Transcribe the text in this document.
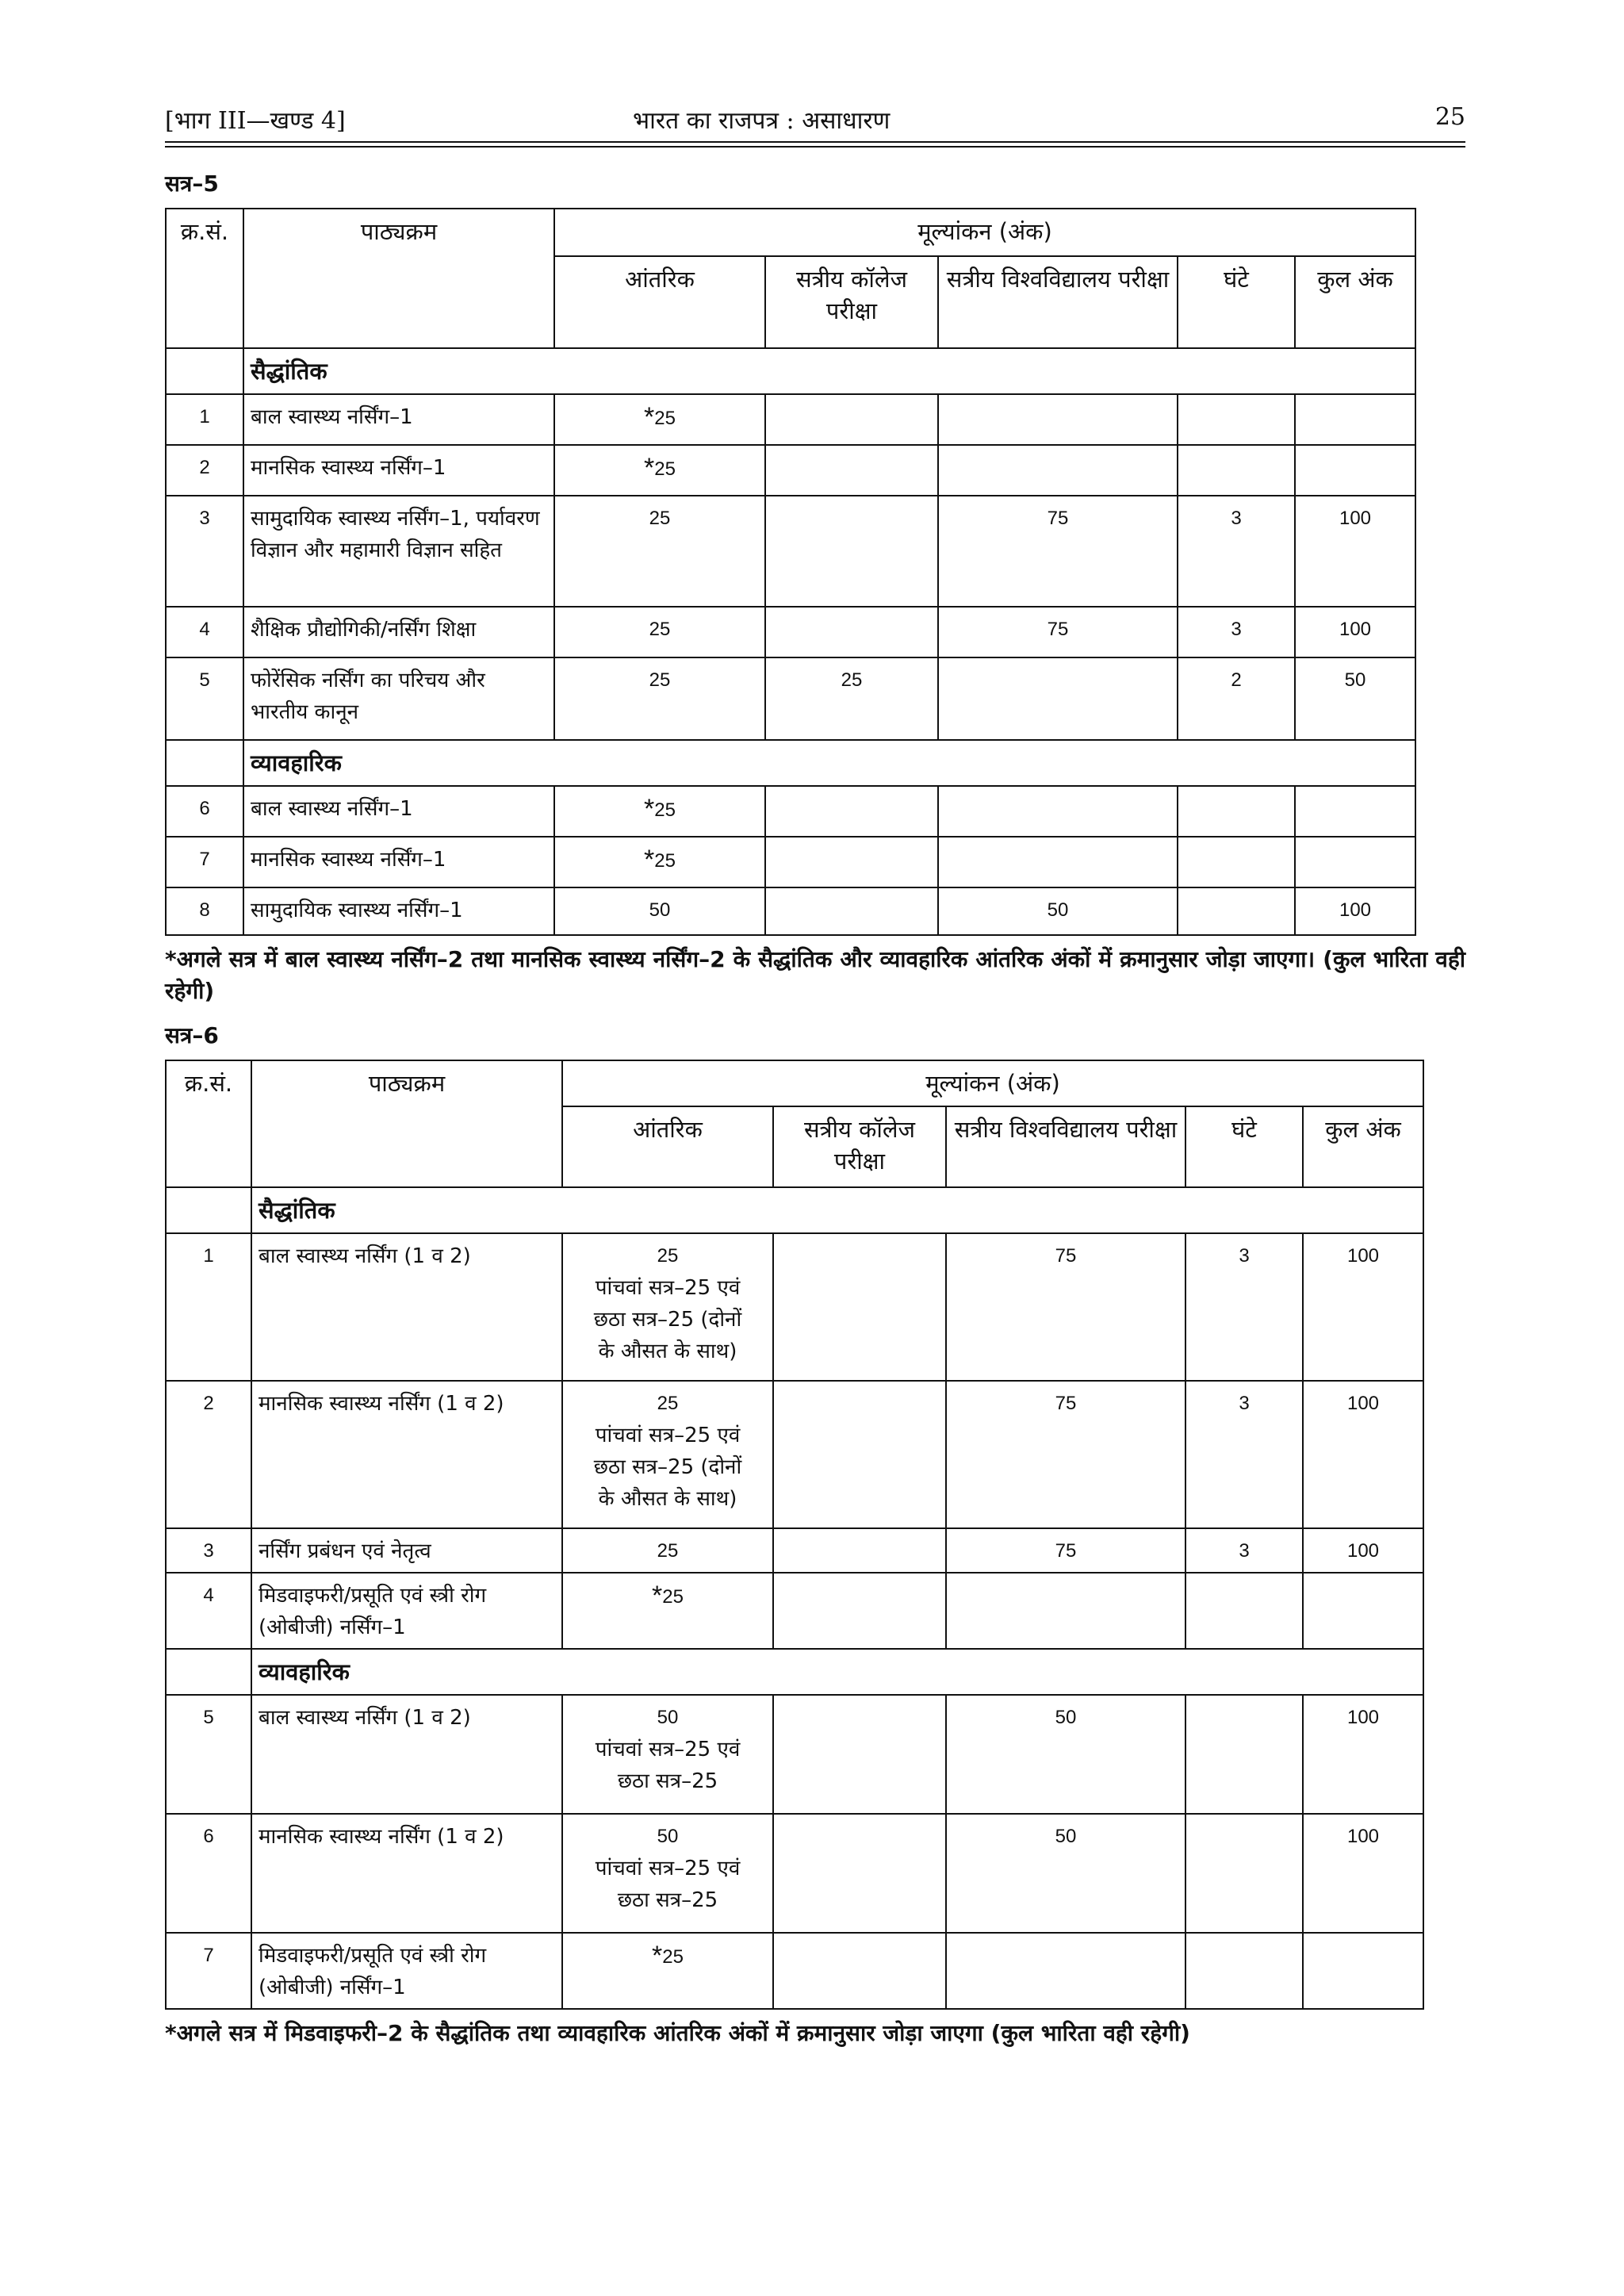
[भाग III—खण्ड 4]	भारत का राजपत्र : असाधारण	25
सत्र–5
क्र.सं.	पाठ्यक्रम	मूल्यांकन (अंक)				
		आंतरिक	सत्रीय कॉलेज परीक्षा	सत्रीय विश्वविद्यालय परीक्षा	घंटे	कुल अंक
	सैद्धांतिक					
1	बाल स्वास्थ्य नर्सिंग–1	*25				
2	मानसिक स्वास्थ्य नर्सिंग–1	*25				
3	सामुदायिक स्वास्थ्य नर्सिंग–1, पर्यावरण विज्ञान और महामारी विज्ञान सहित	25		75	3	100
4	शैक्षिक प्रौद्योगिकी/नर्सिंग शिक्षा	25		75	3	100
5	फोरेंसिक नर्सिंग का परिचय और भारतीय कानून	25	25		2	50
	व्यावहारिक					
6	बाल स्वास्थ्य नर्सिंग–1	*25				
7	मानसिक स्वास्थ्य नर्सिंग–1	*25				
8	सामुदायिक स्वास्थ्य नर्सिंग–1	50		50		100
*अगले सत्र में बाल स्वास्थ्य नर्सिंग–2 तथा मानसिक स्वास्थ्य नर्सिंग–2 के सैद्धांतिक और व्यावहारिक आंतरिक अंकों में क्रमानुसार जोड़ा जाएगा। (कुल भारिता वही रहेगी)
सत्र–6
क्र.सं.	पाठ्यक्रम	मूल्यांकन (अंक)				
		आंतरिक	सत्रीय कॉलेज परीक्षा	सत्रीय विश्वविद्यालय परीक्षा	घंटे	कुल अंक
	सैद्धांतिक					
1	बाल स्वास्थ्य नर्सिंग (1 व 2)	25
पांचवां सत्र–25 एवं
छठा सत्र–25 (दोनों
के औसत के साथ)		75	3	100
2	मानसिक स्वास्थ्य नर्सिंग (1 व 2)	25
पांचवां सत्र–25 एवं
छठा सत्र–25 (दोनों
के औसत के साथ)		75	3	100
3	नर्सिंग प्रबंधन एवं नेतृत्व	25		75	3	100
4	मिडवाइफरी/प्रसूति एवं स्त्री रोग (ओबीजी) नर्सिंग–1	*25				
	व्यावहारिक					
5	बाल स्वास्थ्य नर्सिंग (1 व 2)	50
पांचवां सत्र–25 एवं
छठा सत्र–25		50		100
6	मानसिक स्वास्थ्य नर्सिंग (1 व 2)	50
पांचवां सत्र–25 एवं
छठा सत्र–25		50		100
7	मिडवाइफरी/प्रसूति एवं स्त्री रोग (ओबीजी) नर्सिंग–1	*25				
*अगले सत्र में मिडवाइफरी–2 के सैद्धांतिक तथा व्यावहारिक आंतरिक अंकों में क्रमानुसार जोड़ा जाएगा (कुल भारिता वही रहेगी)
